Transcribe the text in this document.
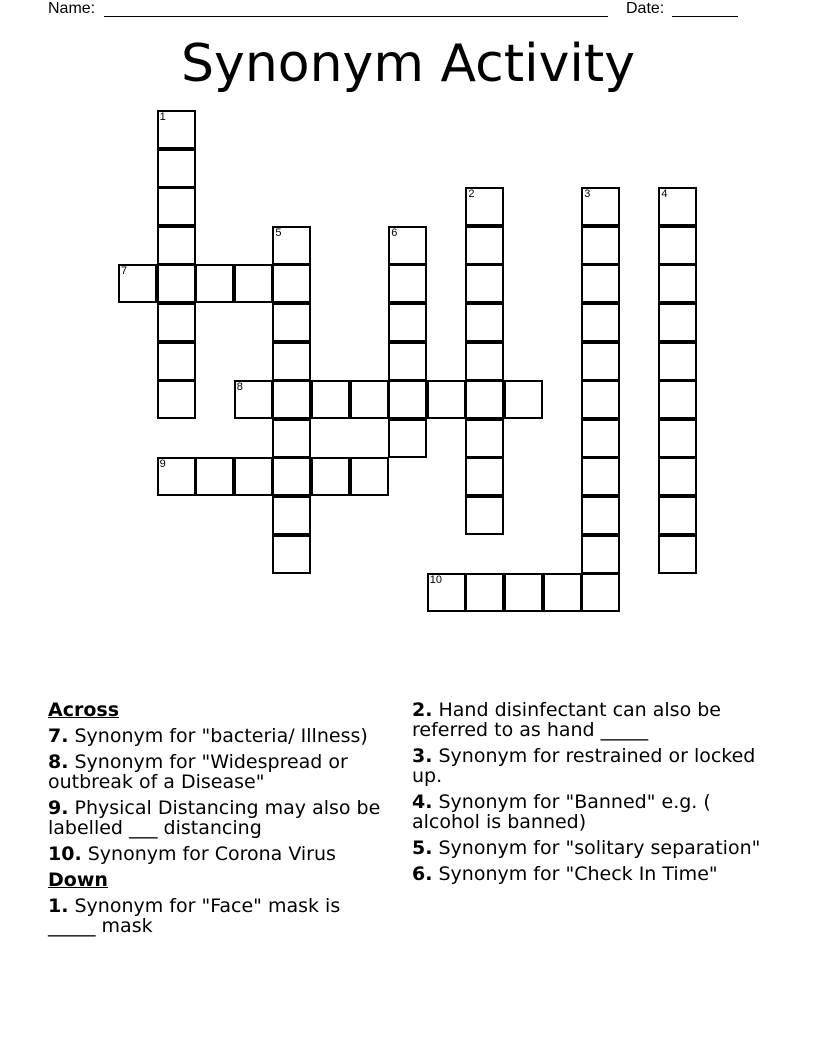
Name:	Date:
Synonym Activity
1
2	3	4
5	6
7
8
9
10
Across
7. Synonym for "bacteria/ Illness)
8. Synonym for "Widespread or outbreak of a Disease"
9. Physical Distancing may also be labelled ___ distancing
10. Synonym for Corona Virus
Down
1. Synonym for "Face" mask is _____ mask
2. Hand disinfectant can also be referred to as hand _____
3. Synonym for restrained or locked up.
4. Synonym for "Banned" e.g. ( alcohol is banned)
5. Synonym for "solitary separation"
6. Synonym for "Check In Time"
